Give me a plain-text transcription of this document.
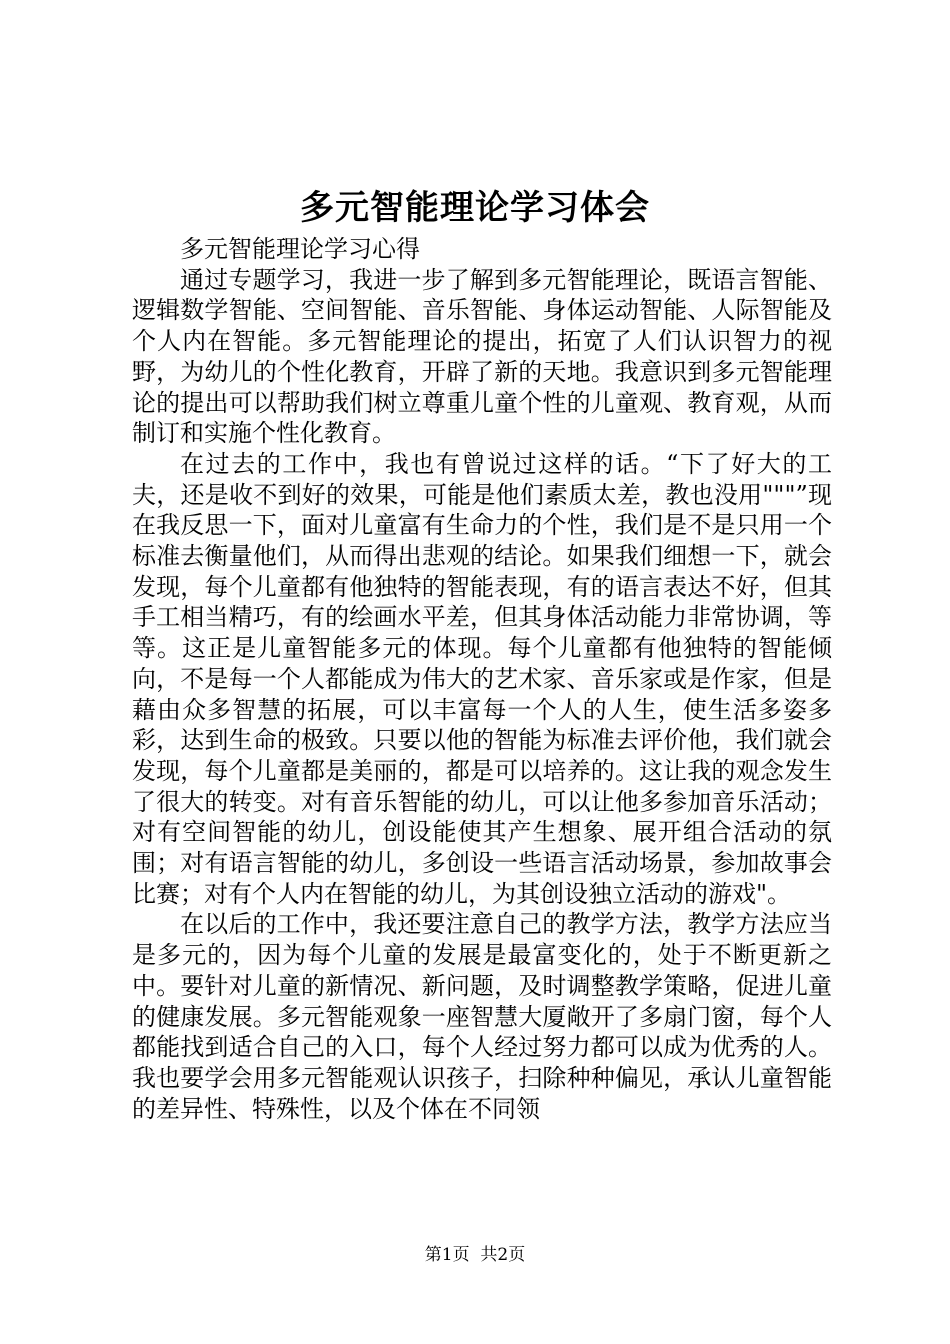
多元智能理论学习体会

多元智能理论学习心得

通过专题学习，我进一步了解到多元智能理论，既语言智能、逻辑数学智能、空间智能、音乐智能、身体运动智能、人际智能及个人内在智能。多元智能理论的提出，拓宽了人们认识智力的视野，为幼儿的个性化教育，开辟了新的天地。我意识到多元智能理论的提出可以帮助我们树立尊重儿童个性的儿童观、教育观，从而制订和实施个性化教育。

在过去的工作中，我也有曾说过这样的话。“下了好大的工夫，还是收不到好的效果，可能是他们素质太差，教也没用"""”现在我反思一下，面对儿童富有生命力的个性，我们是不是只用一个标准去衡量他们，从而得出悲观的结论。如果我们细想一下，就会发现，每个儿童都有他独特的智能表现，有的语言表达不好，但其手工相当精巧，有的绘画水平差，但其身体活动能力非常协调，等等。这正是儿童智能多元的体现。每个儿童都有他独特的智能倾向，不是每一个人都能成为伟大的艺术家、音乐家或是作家，但是藉由众多智慧的拓展，可以丰富每一个人的人生，使生活多姿多彩，达到生命的极致。只要以他的智能为标准去评价他，我们就会发现，每个儿童都是美丽的，都是可以培养的。这让我的观念发生了很大的转变。对有音乐智能的幼儿，可以让他多参加音乐活动；对有空间智能的幼儿，创设能使其产生想象、展开组合活动的氛围；对有语言智能的幼儿，多创设一些语言活动场景，参加故事会比赛；对有个人内在智能的幼儿，为其创设独立活动的游戏"。

在以后的工作中，我还要注意自己的教学方法，教学方法应当是多元的，因为每个儿童的发展是最富变化的，处于不断更新之中。要针对儿童的新情况、新问题，及时调整教学策略，促进儿童的健康发展。多元智能观象一座智慧大厦敞开了多扇门窗，每个人都能找到适合自己的入口，每个人经过努力都可以成为优秀的人。我也要学会用多元智能观认识孩子，扫除种种偏见，承认儿童智能的差异性、特殊性，以及个体在不同领

第1页  共2页
